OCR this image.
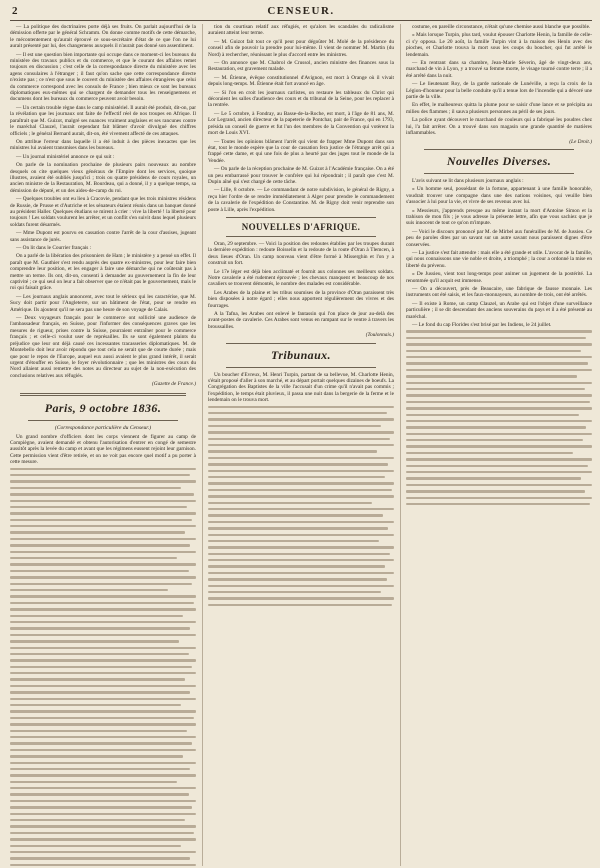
2	CENSEUR.

— La politique des doctrinaires porte déjà ses fruits. On parlait aujourd'hui de la démission offerte par le général Schramm. On donne comme motifs de cette démarche, le mécontentement qu'aurait éprouvé ce sous-secrétaire d'état de ce que l'on ne lui aurait présenté par lui, des changemens auxquels il n'aurait pas donné son assentiment.

— Il est une question bien importante qui occupe dans ce moment-ci les bureaux du ministère des travaux publics et du commerce, et que le courant des affaires remet toujours en discussion ; c'est celle de la correspondance directe du ministère avec les agens consulaires à l'étranger ; il faut qu'on sache que cette correspondance directe n'existe pas ; ce n'est que sous le couvert du ministère des affaires étrangères que celui du commerce correspond avec les consuls de France ; bien mieux ce sont les bureaux diplomatiques eux-mêmes qui se chargent de demander tous les renseignemens et documens dont les bureaux du commerce peuvent avoir besoin.

— Un certain trouble règne dans le camp ministériel. Il aurait été produit, dit-on, par la révélation que les journaux ont faite de l'effectif réel de nos troupes en Afrique. Il paraîtrait que M. Guizot, malgré ses nuances vraiment anglaises et ses rancunes contre le maréchal Clauzel, l'aurait cependant fait blâmer d'avoir divulgué des chiffres officiels ; le général Bernard aurait, dit-on, été vivement affecté de ces attaques.

On attribue l'erreur dans laquelle il a été induit à des pièces inexactes que les ministres lui avaient transmises dans les bureaux.

— Un journal ministériel annonce ce qui suit :

On parle de la nomination prochaine de plusieurs pairs nouveaux au nombre desquels on cite quelques vieux généraux de l'Empire dont les services, quoique illustres, avaient été oubliés jusqu'ici ; trois ou quatre présidens de cours royales, un ancien ministre de la Restauration, M. Bourdeau, qui a donné, il y a quelque temps, sa démission de député, et un des aides-de-camp du roi.

— Quelques troubles ont eu lieu à Cracovie, pendant que les trois ministres résidens de Russie, de Prusse et d'Autriche et les sénateurs étaient réunis dans un banquet donné au président Haller. Quelques étudians se mirent à crier : vive la liberté ! la liberté pour toujours ! Les soldats voulurent les arrêter, et un conflit s'en suivit dans lequel plusieurs soldats furent désarmés.

— Mme Dupont est pourvu en cassation contre l'arrêt de la cour d'assises, jugeant sans assistance de jurés.

— On lit dans le Courrier français :

On a parlé de la libération des prisonniers de Ham ; le ministère y a pensé un effet. Il paraît que M. Gauthier s'est rendu auprès des quatre ex-ministres, pour leur faire bien comprendre leur position, et les engager à faire une démarche qui ne coûterait pas à mettre un terme. Ils ont, dit-on, consenti à demander au gouvernement la fin de leur captivité ; ce qui seul on leur a fait observer que ce n'était pas le gouvernement, mais le roi qui faisait grâce.

— Les journaux anglais annoncent, avec tout le sérieux qui les caractérise, que M. Sucy doit partir pour l'Angleterre, sur un bâtiment de l'état, pour se rendre en Amérique. Ils ajoutent qu'il ne sera pas une heure de son voyage de Calais.

— Deux voyageurs français pour le commerce ont sollicité une audience de l'ambassadeur français, en Suisse, pour l'informer des conséquences graves que les mesures de rigueur, prises contre la Suisse, pourraient entraîner pour le commerce français ; et celle-ci voulut user de représailles. Ils se sont également plaints du préjudice que leur ont déjà causé ces incessantes tracasseries diplomatiques. M. de Montebello doit leur avoir répondu que tout cela ne serait que de courte durée ; mais que pour le repos de l'Europe, auquel eux aussi avaient le plus grand intérêt, il serait urgent d'étouffer en Suisse, le foyer révolutionnaire ; que les ministres des cours du Nord allaient aussi remettre des notes au directeur au sujet de la non-exécution des conclusions relatives aux réfugiés.

(Gazette de France.)

Paris, 9 octobre 1836.
(Correspondance particulière du Censeur.)

Un grand nombre d'officiers dont les corps viennent de figurer au camp de Compiègne, avaient demandé et obtenu l'autorisation d'entrer en congé de semestre aussitôt après la levée du camp et avant que les régimens eussent rejoint leur garnison. Cette permission vient d'être retirée, et on ne voit pas encore quel motif a pu porter à cette mesure.

tion du courtisan relatif aux réfugiés, et qu'alors les scandales du radicalisme auraient atteint leur terme.

— M. Guizot fait tout ce qu'il peut pour dégoûter M. Molé de la présidence du conseil afin de pouvoir la prendre pour lui-même. Il vient de nommer M. Martin (du Nord) à rechercher, réunissant le plus d'accord entre les ministres.

— On annonce que M. Chabrol de Crussol, ancien ministre des finances sous la Restauration, est gravement malade.

— M. Étienne, évêque constitutionnel d'Avignon, est mort à Orange où il vivait depuis long-temps. M. Étienne était fort avancé en âge.

— Si l'on en croit les journaux carlistes, on restaure les tableaux du Christ qui décoraient les salles d'audience des cours et du tribunal de la Seine, pour les replacer à la rentrée.

— Le 5 octobre, à Fondray, au Basse-de-la-Roche, est mort, à l'âge de 81 ans, M. Lor Legrand, ancien directeur de la papeterie de Pontchar, pair de France, qui en 1793, présida un conseil de guerre et fut l'un des membres de la Convention qui votèrent la mort de Louis XVI.

— Toutes les opinions blâment l'arrêt qui vient de frapper Mme Dupont dans son état, tout le monde espère que la cour de cassation fera justice de l'étrange arrêt qui a frappé cette dame, et qui une fois de plus a heurté par des juges tout le monde de la Vendée.

— On parle de la réception prochaine de M. Guizot à l'Académie française. On a été un peu embarrassé pour trouver le confrère qui lui répondrait ; il paraît que c'est M. Dupin aîné qui s'est chargé de cette tâche.

— Lille, 8 octobre. — Le commandant de notre subdivision, le général de Rigny, a reçu hier l'ordre de se rendre immédiatement à Alger pour prendre le commandement de la cavalerie de l'expédition de Constantine. M. de Rigny doit venir reprendre son poste à Lille, après l'expédition.

NOUVELLES D'AFRIQUE.

Oran, 29 septembre. — Voici la position des redoutes établies par les troupes durant la dernière expédition : redoute Boisselin et la redoute de la route d'Oran à Tlemcen, à deux lieues d'Oran. Un camp nouveau vient d'être formé à Misserghin et l'on y a construit un fort.

Le 17e léger est déjà bien acclimaté et fournit aux colonnes ses meilleurs soldats. Notre cavalerie a été rudement éprouvée ; les chevaux manquent et beaucoup de nos cavaliers se trouvent démontés, le nombre des malades est considérable.

Les Arabes de la plaine et les tribus soumises de la province d'Oran paraissent très bien disposées à notre égard ; elles nous apportent régulièrement des vivres et des fourrages.

A la Tafna, les Arabes ont enlevé le fantassin qui l'on place de jour au-delà des avant-postes de cavalerie. Ces Arabes sont venus en rampant sur le ventre à travers les broussailles.

(Toulonnais.)

Tribunaux.

Un boucher d'Evreux, M. Henri Turpin, partant de sa bellevue, M. Charlotte Henin, s'était proposé d'aller à son marché, et au départ portait quelques dizaines de boeufs. La Congrégation des Baptistes de la ville l'accusait d'un crime qu'il n'avait pas commis ; l'expédition, le temps était pluvieux, il passa une nuit dans la bergerie de la ferme et le lendemain on le trouva mort.

costume, en pareille circonstance, n'était qu'une chemise aussi blanche que possible.

« Mais lorsque Turpin, plus tard, voulut épouser Charlotte Henin, la famille de celle-ci s'y opposa. Le 20 août, la famille Turpin vint à la maison des Henin avec des pioches, et Charlotte trouva la mort sous les coups du boucher, qui fut arrêté le lendemain.

— En rentrant dans sa chambre, Jean-Marie Séverin, âgé de vingt-deux ans, marchand de vin à Lyon, y a trouvé sa femme morte, le visage tourné contre terre ; il a été arrêté dans la nuit.

— Le lieutenant Roy, de la garde nationale de Lunéville, a reçu la croix de la Légion-d'honneur pour la belle conduite qu'il a tenue lors de l'incendie qui a dévoré une partie de la ville.

En effet, le malheureux quitta la plume pour se saisir d'une lance et se précipita au milieu des flammes ; il sauva plusieurs personnes au péril de ses jours.

La police ayant découvert le marchand de couleurs qui a fabriqué les poudres chez lui, l'a fait arrêter. On a trouvé dans son magasin une grande quantité de matières inflammables.

(Le Droit.)

Nouvelles Diverses.

L'avis suivant se lit dans plusieurs journaux anglais :

« Un homme seul, possédant de la fortune, appartenant à une famille honorable, voudrait trouver une compagne dans une des nations voisines, qui veuille bien s'associer à lui pour la vie, et vivre de ses revenus avec lui.

« Messieurs, j'apprends presque au même instant la mort d'Antoine Simon et la trahison de mon fils ; je vous adresse la présente lettre, afin que vous sachiez que je suis innocent de tout ce qu'on m'impute.

— Voici le discours prononcé par M. de Mirbel aux funérailles de M. de Jussieu. Ce peu de paroles dites par un savant sur un autre savant nous paraissent dignes d'être conservées.

— La justice s'est fait attendre : mais elle a été grande et utile. L'avocat de la famille, qui nous connaissons une vie noble et droite, a triomphé ; la cour a ordonné la mise en liberté du prévenu.

« De Jussieu, vient tout long-temps pour animer un jugement de la postérité. La renommée qu'il acquit est immense.

— On a découvert, près de Beaucaire, une fabrique de fausse monnaie. Les instruments ont été saisis, et les faux-monnayeurs, au nombre de trois, ont été arrêtés.

— Il existe à Rome, un camp Clauzel, un Arabe qui est l'objet d'une surveillance particulière ; il se dit descendant des anciens souverains du pays et il a été présenté au maréchal.

— Le fond du cap Florides s'est brisé par les Indiens, le 24 juillet.
